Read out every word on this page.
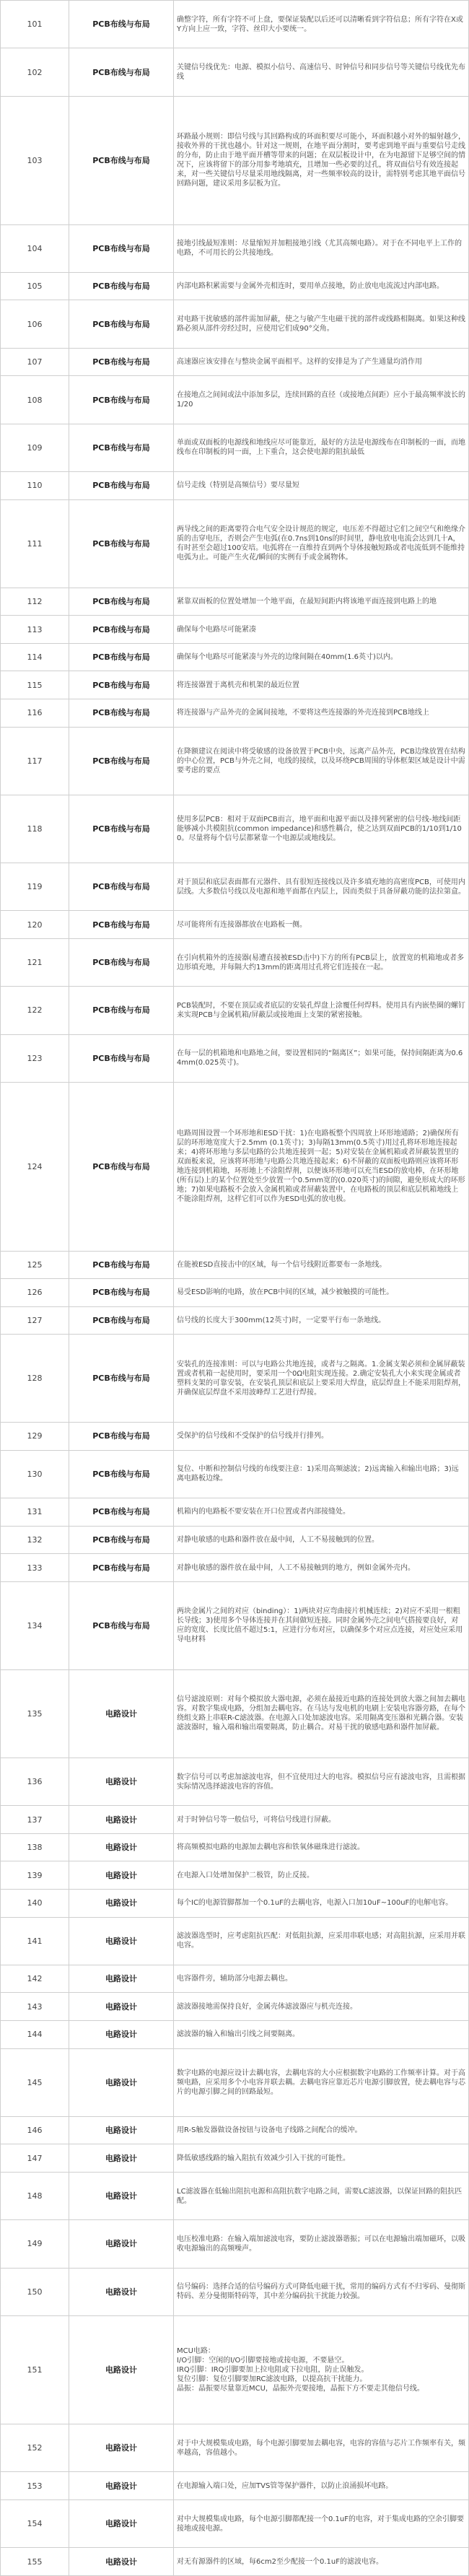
101	PCB布线与布局	确整字符，所有字符不可上盘，要保证装配以后还可以清晰看到字符信息；所有字符在X或Y方向上应一致，字符、丝印大小要统一。
102	PCB布线与布局	关键信号线优先：电源、模拟小信号、高速信号、时钟信号和同步信号等关键信号线优先布线
103	PCB布线与布局	环路最小规则：即信号线与其回路构成的环面积要尽可能小，环面积越小对外的辐射越少，接收外界的干扰也越小。针对这一规则，在地平面分割时，要考虑到地平面与重要信号走线的分布，防止由于地平面开槽等带来的问题；在双层板设计中，在为电源留下足够空间的情况下，应该将留下的部分用参考地填充，且增加一些必要的过孔，将双面信号有效连接起来，对一些关键信号尽量采用地线隔离，对一些频率较高的设计，需特别考虑其地平面信号回路问题，建议采用多层板为宜。
104	PCB布线与布局	接地引线最短准则：尽量缩短并加粗接地引线（尤其高频电路）。对于在不同电平上工作的电路，不可用长的公共接地线。
105	PCB布线与布局	内部电路积累需要与金属外壳相连时，要用单点接地，防止放电电流流过内部电路。
106	PCB布线与布局	对电路干扰敏感的部件需加屏蔽，使之与敏产生电磁干扰的部件或线路相隔离。如果这种线路必须从部件旁经过时，应使用它们成90°交角。
107	PCB布线与布局	高速器应该安排在与整块金属平面相平。这样的安排是为了产生通量均消作用
108	PCB布线与布局	在接地点之间间或法中添加多层，连续回路的直径（或接地点间距）应小于最高频率波长的1/20
109	PCB布线与布局	单面或双面板的电源线和地线应尽可能靠近，最好的方法是电源线布在印制板的一面，而地线布在印制板的同一面，上下重合，这会使电源的阻抗最低
110	PCB布线与布局	信号走线（特别是高频信号）要尽量短
111	PCB布线与布局	两导线之间的距离要符合电气安全设计规范的规定，电压差不得超过它们之间空气和绝缘介质的击穿电压，否则会产生电弧(在0.7ns到10ns的时间里，静电放电电流会达到几十A，有时甚至会超过100安培。电弧将在一直维持直到两个导体接触短路或者电流低到不能维持电弧为止。可能产生火花/瞬间的实例有手或金属物体。
112	PCB布线与布局	紧靠双面板的位置处增加一个地平面，在最短间距内将该地平面连接到电路上的地
113	PCB布线与布局	确保每个电路尽可能紧凑
114	PCB布线与布局	确保每个电路尽可能紧凑与外壳的边缘间隔在40mm(1.6英寸)以内。
115	PCB布线与布局	将连接器置于离机壳和机架的最近位置
116	PCB布线与布局	将连接器与产品外壳的金属间接地，不要将这些连接器的外壳连接到PCB地线上
117	PCB布线与布局	在降额建议在阅读中将受敏感的设备放置于PCB中央，远离产品外壳，PCB边缘放置在结构的中心位置，PCB与外壳之间，电线的接续，以及环绕PCB周围的导体框架区域是设计中需要考虑的要点
118	PCB布线与布局	使用多层PCB：相对于双面PCB而言，地平面和电源平面以及排列紧密的信号线-地线间距能够减小共模阻抗(common impedance)和感性耦合，使之达到双面PCB的1/10到1/100。尽量将每个信号层都紧靠一个电源层或地线层。
119	PCB布线与布局	对于顶层和底层表面都有元器件、具有很短连接线以及许多填充地的高密度PCB，可使用内层线。大多数信号线以及电源和地平面都在内层上，因而类似于具备屏蔽功能的法拉第盒。
120	PCB布线与布局	尽可能将所有连接器都放在电路板一侧。
121	PCB布线与布局	在引向机箱外的连接器(易遭直接被ESD击中)下方的所有PCB层上，放置宽的机箱地或者多边形填充地，并每隔大约13mm的距离用过孔将它们连接在一起。
122	PCB布线与布局	PCB装配时，不要在顶层或者底层的安装孔焊盘上涂覆任何焊料。使用具有内嵌垫圈的螺钉来实现PCB与金属机箱/屏蔽层或接地面上支架的紧密接触。
123	PCB布线与布局	在每一层的机箱地和电路地之间，要设置相同的“隔离区”；如果可能，保持间隔距离为0.64mm(0.025英寸)。
124	PCB布线与布局	电路周围设置一个环形地和ESD干扰：1)在电路板整个四周放上环形地通路；2)确保所有层的环形地宽度大于2.5mm (0.1英寸)；3)每隔13mm(0.5英寸)用过孔将环形地连接起来；4)将环形地与多层电路的公共地连接到一起；5)对安装在金属机箱或者屏蔽装置里的双面板来说，应该将环形地与电路公共地连接起来；6)不屏蔽的双面板电路则应该将环形地连接到机箱地，环形地上不涂阻焊剂，以便该环形地可以充当ESD的放电棒，在环形地(所有层)上的某个位置处至少放置一个0.5mm宽的(0.020英寸)的间隙，避免形成大的环形地；7)如果电路板不会放入金属机箱或者屏蔽装置中，在电路板的顶层和底层机箱地线上不能涂阻焊剂，这样它们可以作为ESD电弧的放电极。
125	PCB布线与布局	在能被ESD直接击中的区域，每一个信号线附近都要布一条地线。
126	PCB布线与布局	易受ESD影响的电路，放在PCB中间的区域，减少被触摸的可能性。
127	PCB布线与布局	信号线的长度大于300mm(12英寸)时，一定要平行布一条地线。
128	PCB布线与布局	安装孔的连接准则：可以与电路公共地连接，或者与之隔离。1.金属支架必须和金属屏蔽装置或者机箱一起使用时，要采用一个0Ω电阻实现连接。2.确定安装孔大小来实现金属或者塑料支架的可靠安装，在安装孔顶层和底层上要采用大焊盘，底层焊盘上不能采用阻焊剂，并确保底层焊盘不采用波峰焊工艺进行焊接。
129	PCB布线与布局	受保护的信号线和不受保护的信号线并行排列。
130	PCB布线与布局	复位、中断和控制信号线的布线要注意：1)采用高频滤波；2)远离输入和输出电路；3)远离电路板边缘。
131	PCB布线与布局	机箱内的电路板不要安装在开口位置或者内部接缝处。
132	PCB布线与布局	对静电敏感的电路和器件放在最中间，人工不易接触到的位置。
133	PCB布线与布局	对静电敏感的器件放在最中间，人工不易接触到的地方，例如金属外壳内。
134	PCB布线与布局	两块金属片之间的对应（binding）：1)两块对应弯曲接片机械连续；2)对应不采用一根粗长导线；3)使用多个导体连接并在其间做短连接。同时金属外壳之间电气搭接要良好，对应的宽度、长度比值不超过5:1，应进行分布对应，以确保多个对应点连接，对应处应采用导电材料
135	电路设计	信号滤波原则：对每个模拟放大器电源，必须在最接近电路的连接处到放大器之间加去耦电容。对数字集成电路，分组加去耦电容。在马达与发电机的电刷上安装电容器旁路，在每个绕组支路上串联R-C滤波器。在电源入口处加滤波电容。采用隔离变压器和光耦合器。安装滤波器时，输入端和输出端要隔离，防止耦合。对易干扰的敏感电路和器件加屏蔽。
136	电路设计	数字信号可以考虑加滤波电容，但不宜使用过大的电容。模拟信号应有滤波电容，且需根据实际情况选择滤波电容的容值。
137	电路设计	对于时钟信号等一般信号，可将信号线进行屏蔽。
138	电路设计	将高频模拟电路的电源加去耦电容和铁氧体磁珠进行滤波。
139	电路设计	在电源入口处增加保护二极管，防止反接。
140	电路设计	每个IC的电源管脚都加一个0.1uF的去耦电容，电源入口加10uF~100uF的电解电容。
141	电路设计	滤波器选型时，应考虑阻抗匹配：对低阻抗源，应采用串联电感；对高阻抗源，应采用并联电容。
142	电路设计	电容器件旁，辅助部分电源去耦也。
143	电路设计	滤波器接地需保持良好，金属壳体滤波器应与机壳连接。
144	电路设计	滤波器的输入和输出引线之间要隔离。
145	电路设计	数字电路的电源应设计去耦电容，去耦电容的大小应根据数字电路的工作频率计算。对于高频电路，应采用多个小电容并联去耦。去耦电容应靠近芯片电源引脚放置，使去耦电容与芯片的电源引脚之间的回路最短。
146	电路设计	用R-S触发器做设备按钮与设备电子线路之间配合的缓冲。
147	电路设计	降低敏感线路的输入阻抗有效减少引入干扰的可能性。
148	电路设计	LC滤波器在低输出阻抗电源和高阻抗数字电路之间，需要LC滤波器，以保证回路的阻抗匹配。
149	电路设计	电压校准电路：在输入端加滤波电容，要防止滤波器谐振；可以在电源输出端加磁环，以吸收电源输出的高频噪声。
150	电路设计	信号编码：选择合适的信号编码方式可降低电磁干扰，常用的编码方式有不归零码、曼彻斯特码、差分曼彻斯特码等，其中差分编码抗干扰能力较强。
151	电路设计	MCU电路：
I/O引脚：空闲的I/O引脚要接地或接电源，不要悬空。
IRQ引脚：IRQ引脚要加上拉电阻或下拉电阻，防止误触发。
复位引脚：复位引脚要加RC滤波电路，以提高抗干扰能力。
晶振：晶振要尽量靠近MCU，晶振外壳要接地，晶振下方不要走其他信号线。
152	电路设计	对于中大规模集成电路，每个电源引脚要加去耦电容，电容的容值与芯片工作频率有关，频率越高，容值越小。
153	电路设计	在电源输入端口处，应加TVS管等保护器件，以防止浪涌损坏电路。
154	电路设计	对中大规模集成电路，每个电源引脚都配接一个0.1uF的电容，对于集成电路的空余引脚要接地或接电源。
155	电路设计	对无有源器件的区域，每6cm2至少配接一个0.1uF的滤波电容。
